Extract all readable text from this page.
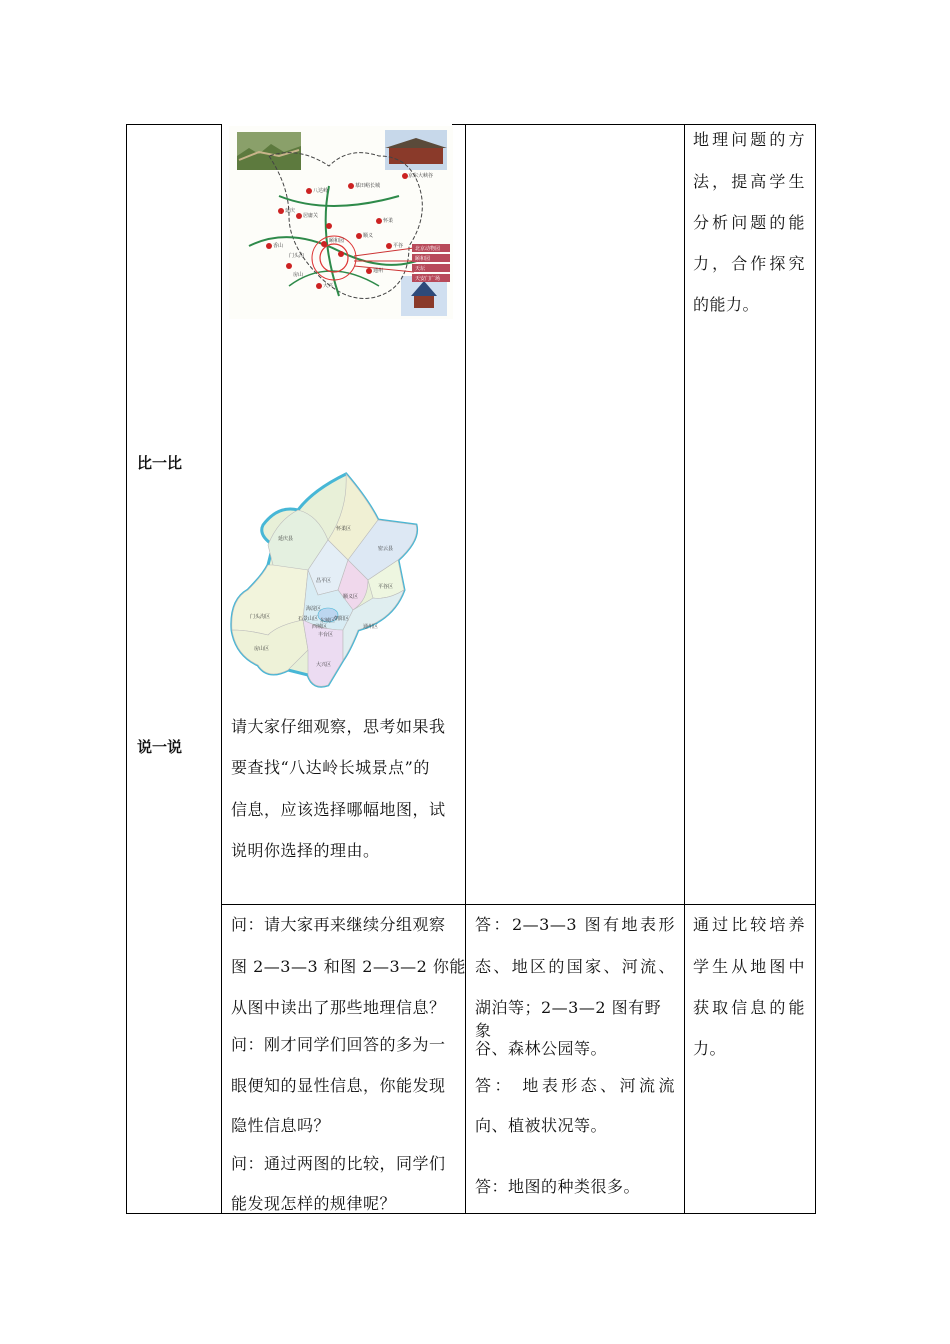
比一比
说一说
北京动物园
颐和园
天坛
天安门广场
八达岭
慕田峪长城
京东大峡谷
居庸关
颐和园
门头沟
香山
房山
大兴
顺义
怀柔
延庆
平谷
通州
延庆县
怀柔区
密云县
平谷区
昌平区
顺义区
门头沟区
海淀区
朝阳区
东城区
西城区
丰台区
石景山区
房山区
大兴区
通州区
请大家仔细观察，思考如果我
要查找“八达岭长城景点”的
信息，应该选择哪幅地图，试
说明你选择的理由。
地理问题的方
法，提高学生
分析问题的能
力，合作探究
的能力。
问：请大家再来继续分组观察
图 2—3—3 和图 2—3—2 你能
从图中读出了那些地理信息？
问：刚才同学们回答的多为一
眼便知的显性信息，你能发现
隐性信息吗？
问：通过两图的比较，同学们
能发现怎样的规律呢？
答：2—3—3 图有地表形
态、地区的国家、河流、
湖泊等；2—3—2 图有野象
谷、森林公园等。
答： 地表形态、河流流
向、植被状况等。
答：地图的种类很多。
通过比较培养
学生从地图中
获取信息的能
力。
